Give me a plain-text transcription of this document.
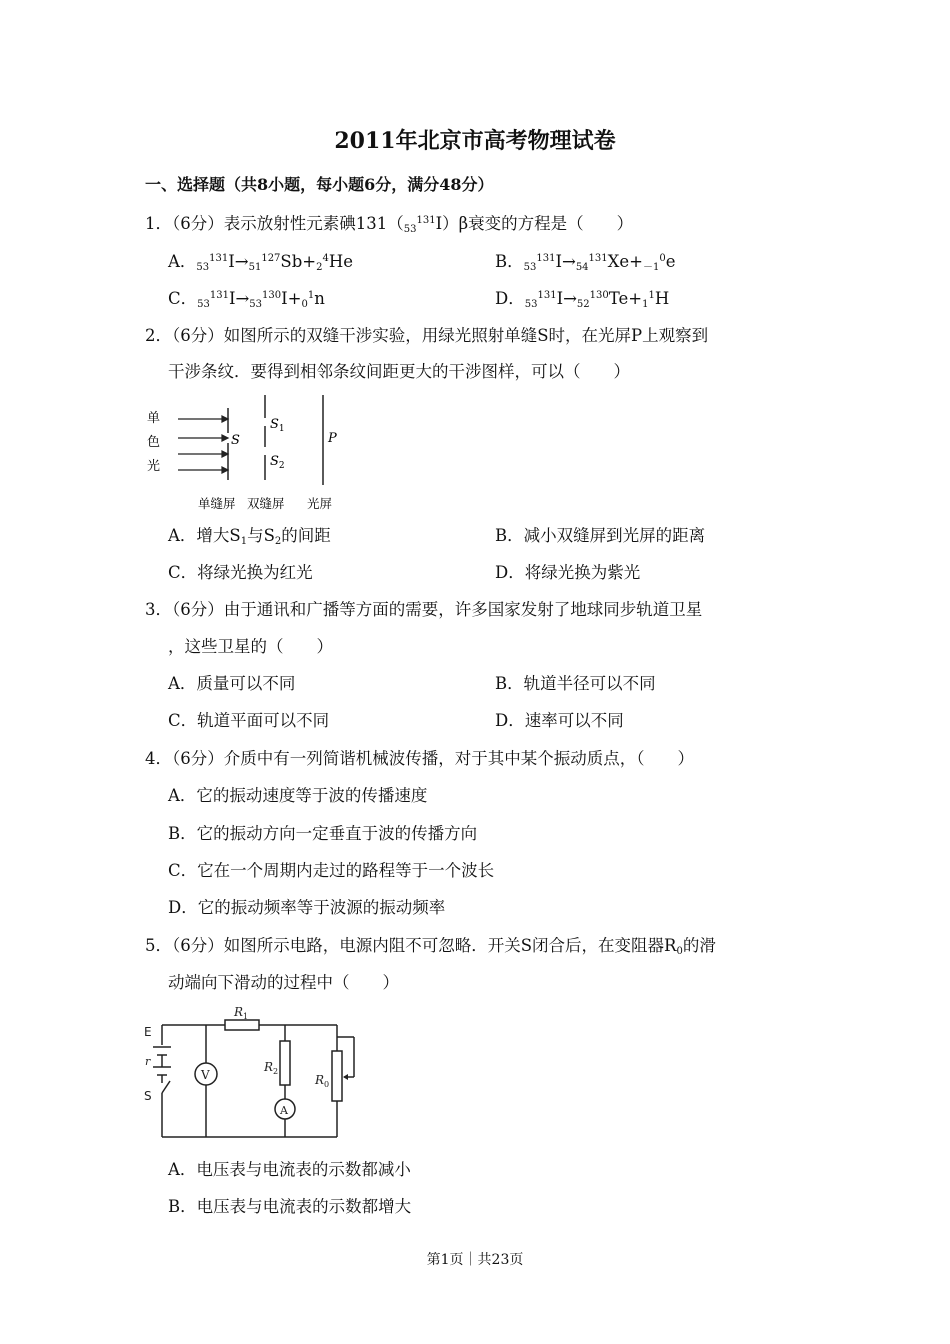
2011年北京市高考物理试卷
一、选择题（共8小题，每小题6分，满分48分）
1．（6分）表示放射性元素碘$131(53^{131}I)\beta$衰变的方程是（　　）
A．$53^{131}I\to 51^{127}Sb+2^4He$	B．$53^{131}I\to 54^{131}Xe+-1^0e$
C．$53^{131}I\to 53^{130}I+0^1n$	D．$53^{131}I\to 52^{130}Te+1^1H$
2．（6分）如图所示的双缝干涉实验，用绿光照射单缝S时，在光屏P上观察到
干涉条纹．要得到相邻条纹间距更大的干涉图样，可以（　　）
单
色
光
S
$S_1$
$S_2$
P
单缝屏 双缝屏 光屏
A．增大S1与S2的间距	B．减小双缝屏到光屏的距离
C．将绿光换为红光	D．将绿光换为紫光
3．（6分）由于通讯和广播等方面的需要，许多国家发射了地球同步轨道卫星
，这些卫星的（　　）
A．质量可以不同	B．轨道半径可以不同
C．轨道平面可以不同	D．速率可以不同
4．（6分）介质中有一列简谐机械波传播，对于其中某个振动质点，（　　）
A．它的振动速度等于波的传播速度
B．它的振动方向一定垂直于波的传播方向
C．它在一个周期内走过的路程等于一个波长
D．它的振动频率等于波源的振动频率
5．（6分）如图所示电路，电源内阻不可忽略．开关S闭合后，在变阻器R0的滑
动端向下滑动的过程中（　　）
E
r
S
V
A
$R_1$
$R_2$
$R_0$
A．电压表与电流表的示数都减小
B．电压表与电流表的示数都增大
第1页｜共23页
